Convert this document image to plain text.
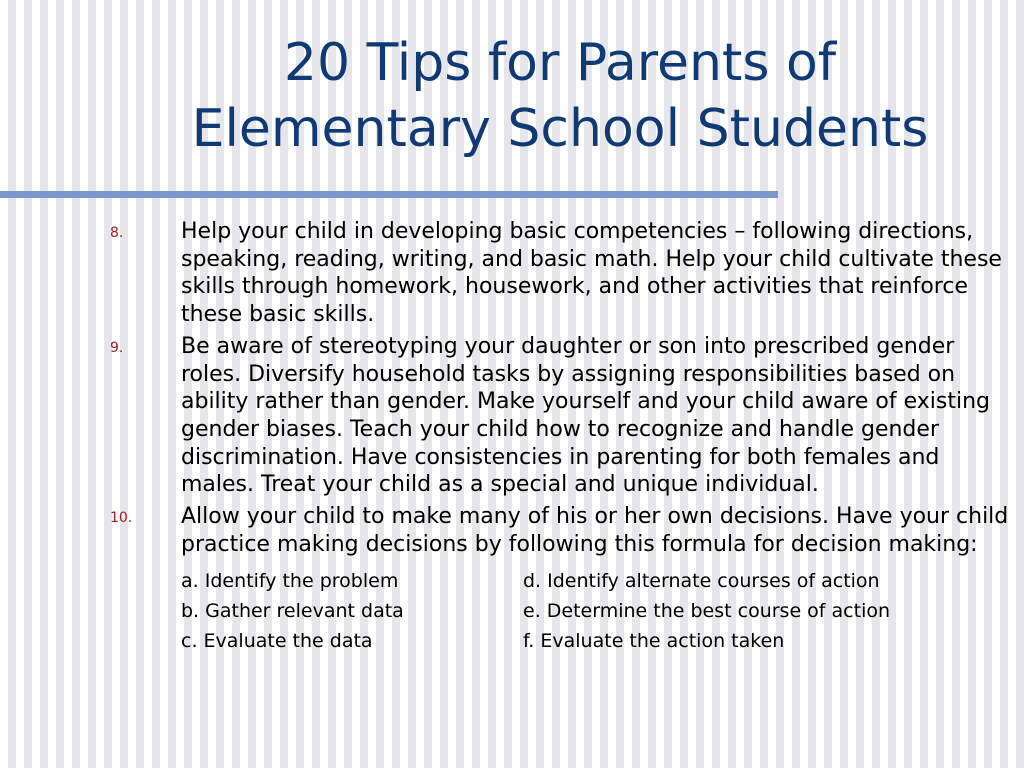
20 Tips for Parents of
Elementary School Students
8.	Help your child in developing basic competencies – following directions, speaking, reading, writing, and basic math. Help your child cultivate these skills through homework, housework, and other activities that reinforce these basic skills.
9.	Be aware of stereotyping your daughter or son into prescribed gender roles. Diversify household tasks by assigning responsibilities based on ability rather than gender. Make yourself and your child aware of existing gender biases. Teach your child how to recognize and handle gender discrimination. Have consistencies in parenting for both females and males. Treat your child as a special and unique individual.
10. Allow your child to make many of his or her own decisions. Have your child practice making decisions by following this formula for decision making:
a. Identify the problem	d. Identify alternate courses of action
b. Gather relevant data	e. Determine the best course of action
c. Evaluate the data	f. Evaluate the action taken
